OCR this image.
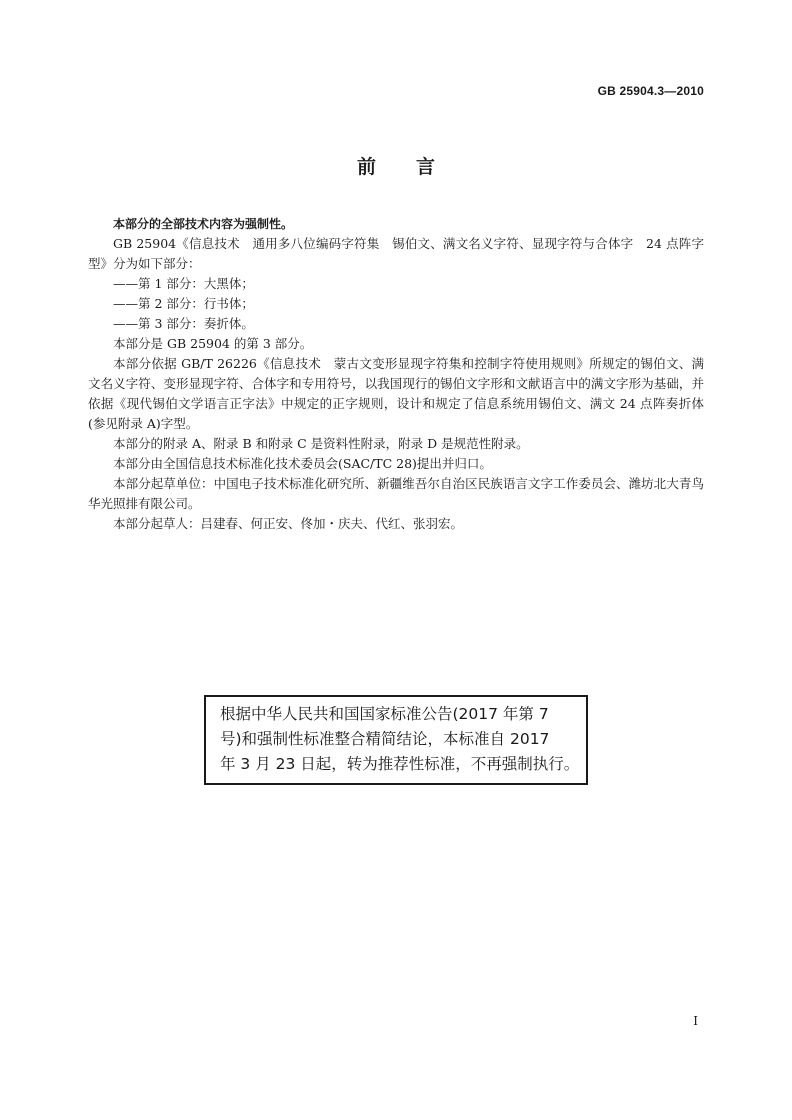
GB 25904.3—2010
前言

本部分的全部技术内容为强制性。

GB 25904《信息技术　通用多八位编码字符集　锡伯文、满文名义字符、显现字符与合体字　24 点阵字型》分为如下部分：

——第 1 部分：大黑体；

——第 2 部分：行书体；

——第 3 部分：奏折体。

本部分是 GB 25904 的第 3 部分。

本部分依据 GB/T 26226《信息技术　蒙古文变形显现字符集和控制字符使用规则》所规定的锡伯文、满文名义字符、变形显现字符、合体字和专用符号，以我国现行的锡伯文字形和文献语言中的满文字形为基础，并依据《现代锡伯文学语言正字法》中规定的正字规则，设计和规定了信息系统用锡伯文、满文 24 点阵奏折体(参见附录 A)字型。

本部分的附录 A、附录 B 和附录 C 是资料性附录，附录 D 是规范性附录。

本部分由全国信息技术标准化技术委员会(SAC/TC 28)提出并归口。

本部分起草单位：中国电子技术标准化研究所、新疆维吾尔自治区民族语言文字工作委员会、潍坊北大青鸟华光照排有限公司。

本部分起草人：吕建春、何正安、佟加・庆夫、代红、张羽宏。

根据中华人民共和国国家标准公告(2017 年第 7
号)和强制性标准整合精简结论，本标准自 2017
年 3 月 23 日起，转为推荐性标准，不再强制执行。
I
